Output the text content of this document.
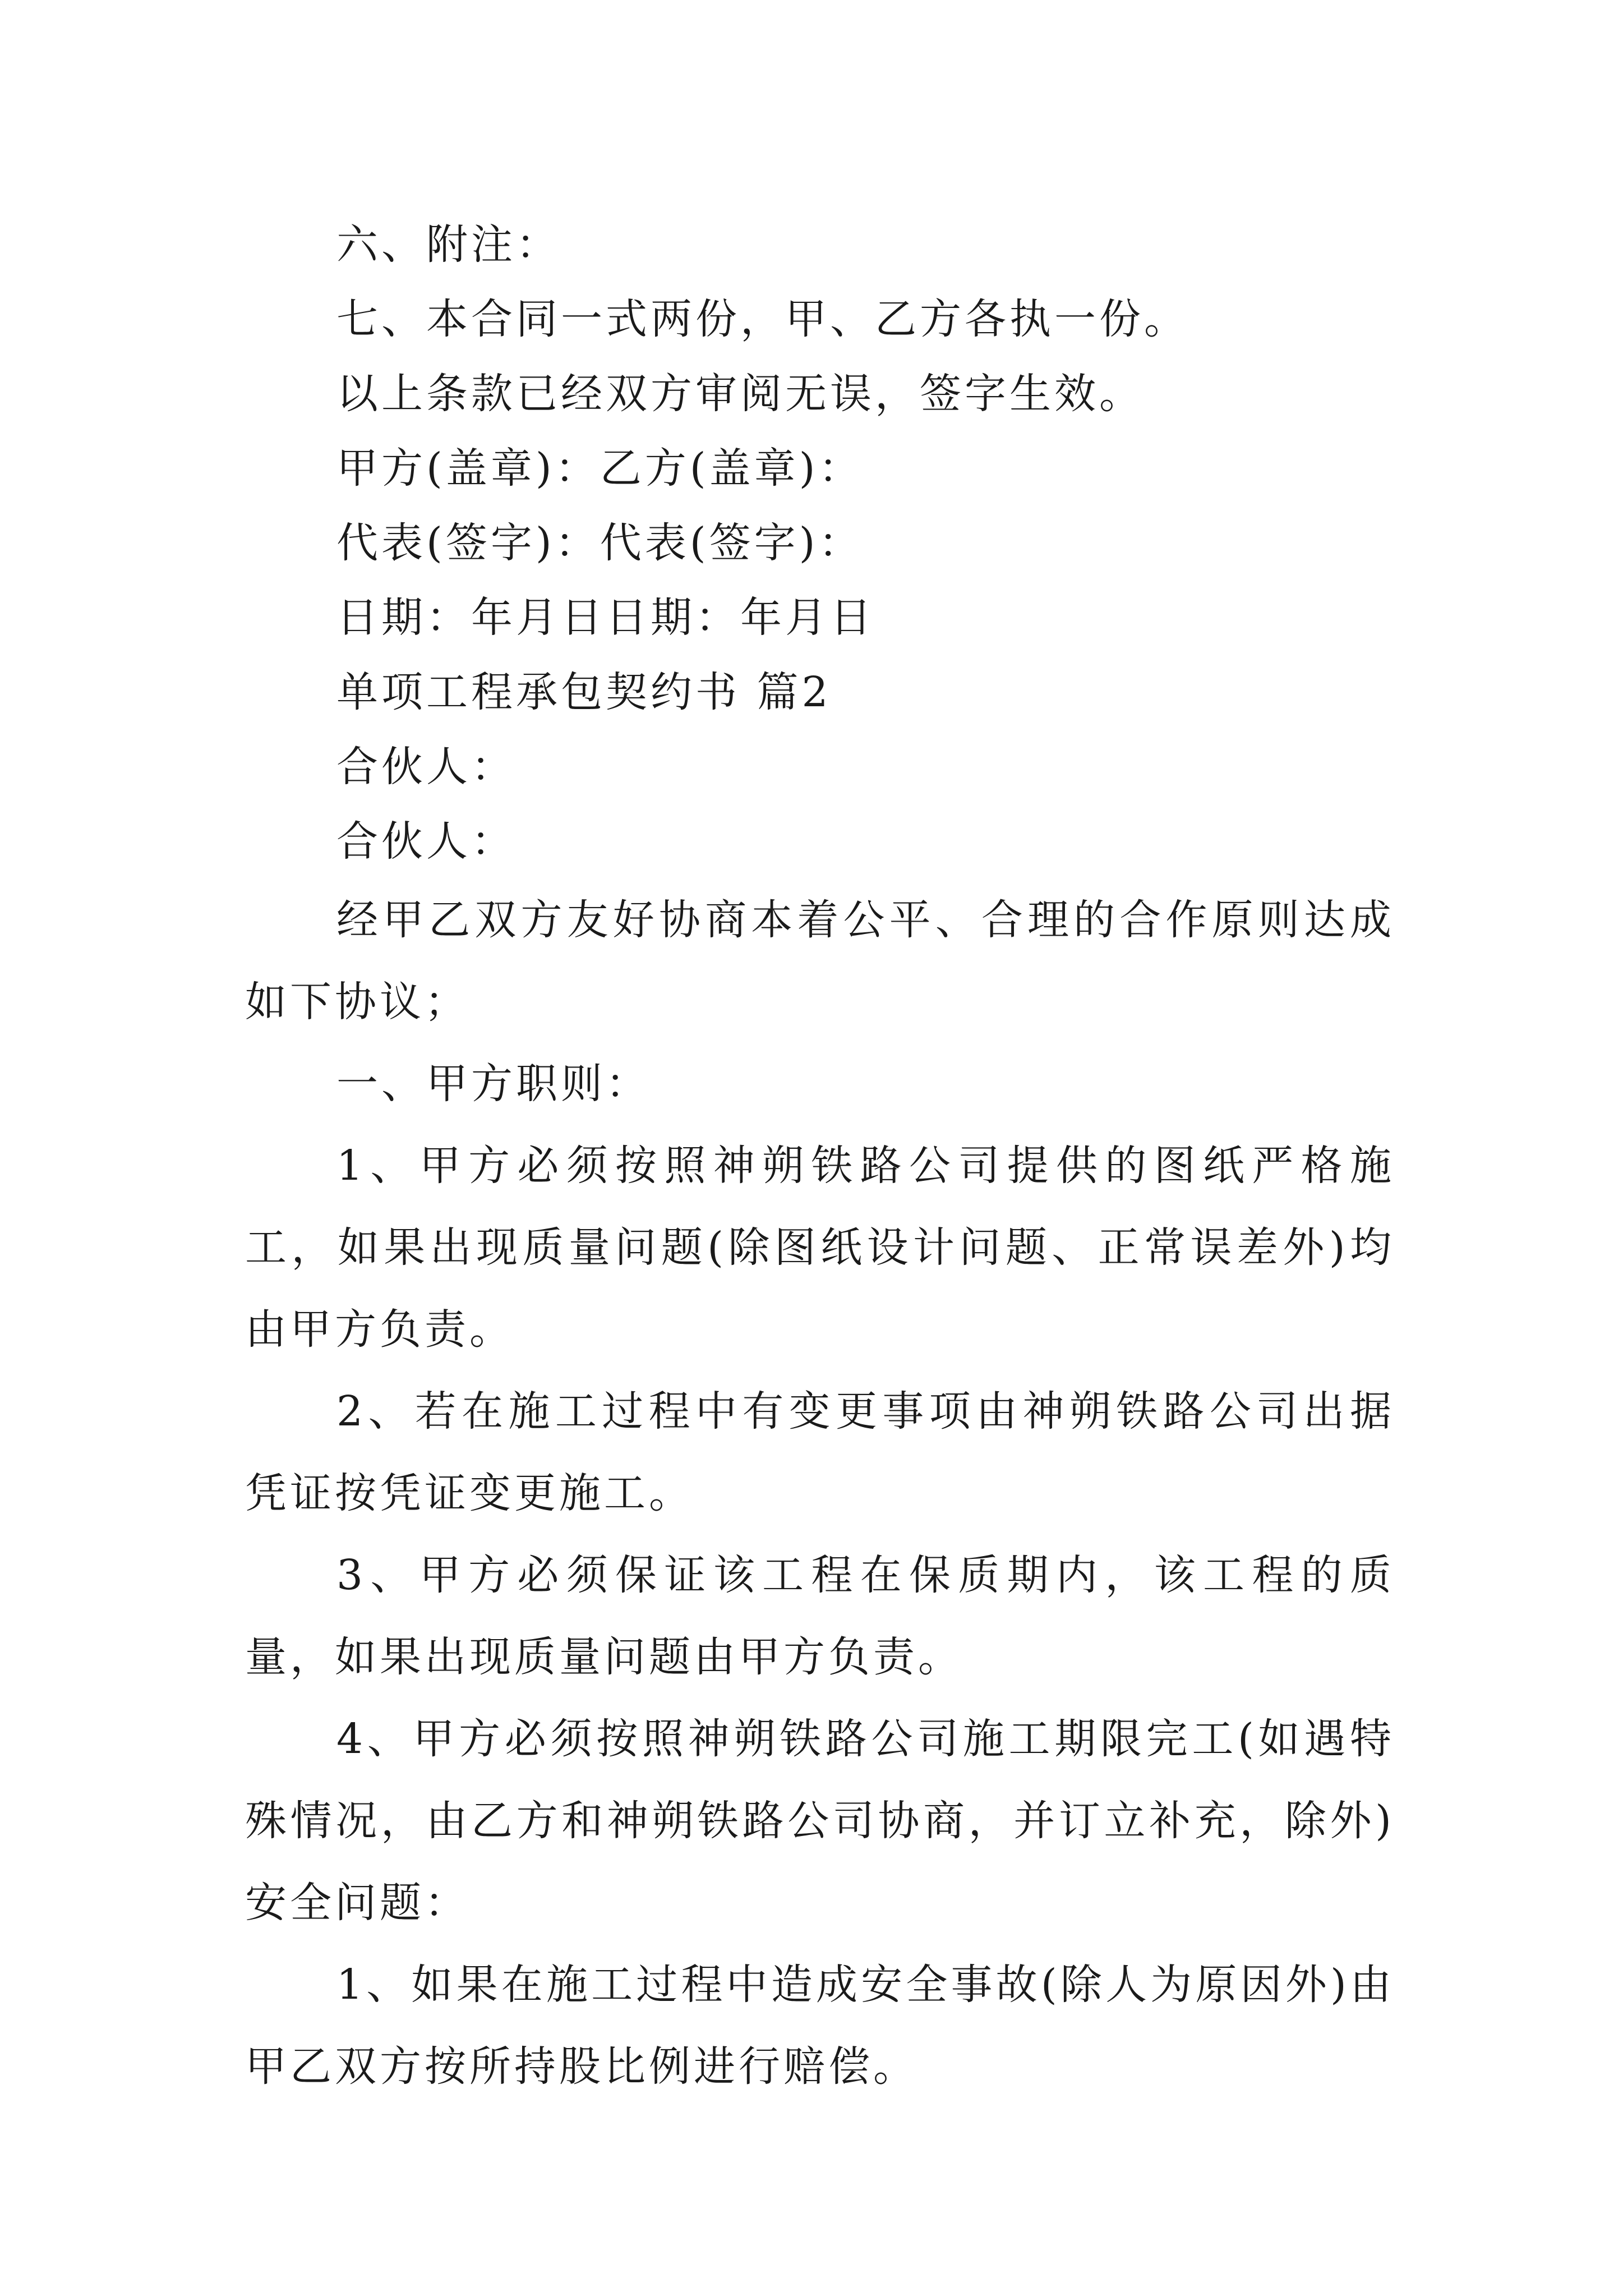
六、附注：
七、本合同一式两份，甲、乙方各执一份。
以上条款已经双方审阅无误，签字生效。
甲方(盖章)：乙方(盖章)：
代表(签字)：代表(签字)：
日期：年月日日期：年月日
单项工程承包契约书 篇2
合伙人：
合伙人：

经甲乙双方友好协商本着公平、合理的合作原则达成如下协议；

一、甲方职则：

1、甲方必须按照神朔铁路公司提供的图纸严格施工，如果出现质量问题(除图纸设计问题、正常误差外)均由甲方负责。

2、若在施工过程中有变更事项由神朔铁路公司出据凭证按凭证变更施工。

3、甲方必须保证该工程在保质期内，该工程的质量，如果出现质量问题由甲方负责。

4、甲方必须按照神朔铁路公司施工期限完工(如遇特殊情况，由乙方和神朔铁路公司协商，并订立补充，除外) 安全问题：

1、如果在施工过程中造成安全事故(除人为原因外)由甲乙双方按所持股比例进行赔偿。
